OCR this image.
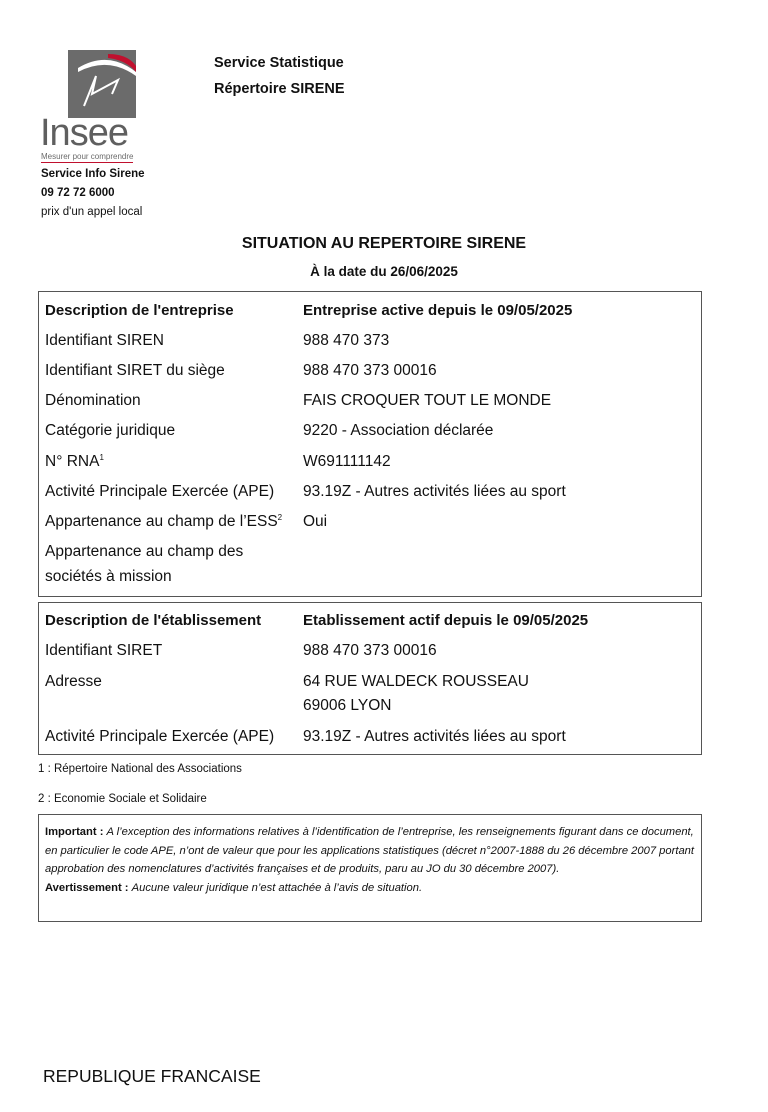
Insee
Mesurer pour comprendre
Service Statistique
Répertoire SIRENE
Service Info Sirene
09 72 72 6000
prix d'un appel local
SITUATION AU REPERTOIRE SIRENE
À la date du 26/06/2025
Description de l'entreprise	Entreprise active depuis le 09/05/2025
Identifiant SIREN	988 470 373
Identifiant SIRET du siège	988 470 373 00016
Dénomination	FAIS CROQUER TOUT LE MONDE
Catégorie juridique	9220 - Association déclarée
N° RNA$^1$	W691111142
Activité Principale Exercée (APE)	93.19Z - Autres activités liées au sport
Appartenance au champ de l’ESS$^2$	Oui
Appartenance au champ des
sociétés à mission
Description de l'établissement	Etablissement actif depuis le 09/05/2025
Identifiant SIRET	988 470 373 00016
Adresse	64 RUE WALDECK ROUSSEAU
69006 LYON
Activité Principale Exercée (APE)	93.19Z - Autres activités liées au sport
1 : Répertoire National des Associations
2 : Economie Sociale et Solidaire
Important : A l’exception des informations relatives à l’identification de l’entreprise, les renseignements figurant dans ce document, en particulier le code APE, n’ont de valeur que pour les applications statistiques (décret n°2007-1888 du 26 décembre 2007 portant approbation des nomenclatures d’activités françaises et de produits, paru au JO du 30 décembre 2007).
Avertissement : Aucune valeur juridique n’est attachée à l’avis de situation.
REPUBLIQUE FRANCAISE
